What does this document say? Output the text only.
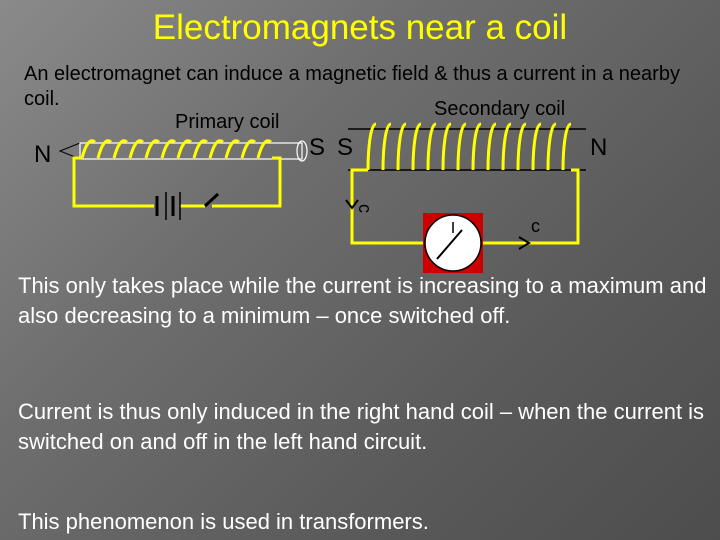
Electromagnets near a coil
An electromagnet can induce a magnetic field & thus a current in a nearby coil.
Primary coil
Secondary coil
N	S S	N
c
c
This only takes place while the current is increasing to a maximum and also decreasing to a minimum – once switched off.
Current is thus only induced in the right hand coil – when the current is switched on and off in the left hand circuit.
This phenomenon is used in transformers.
